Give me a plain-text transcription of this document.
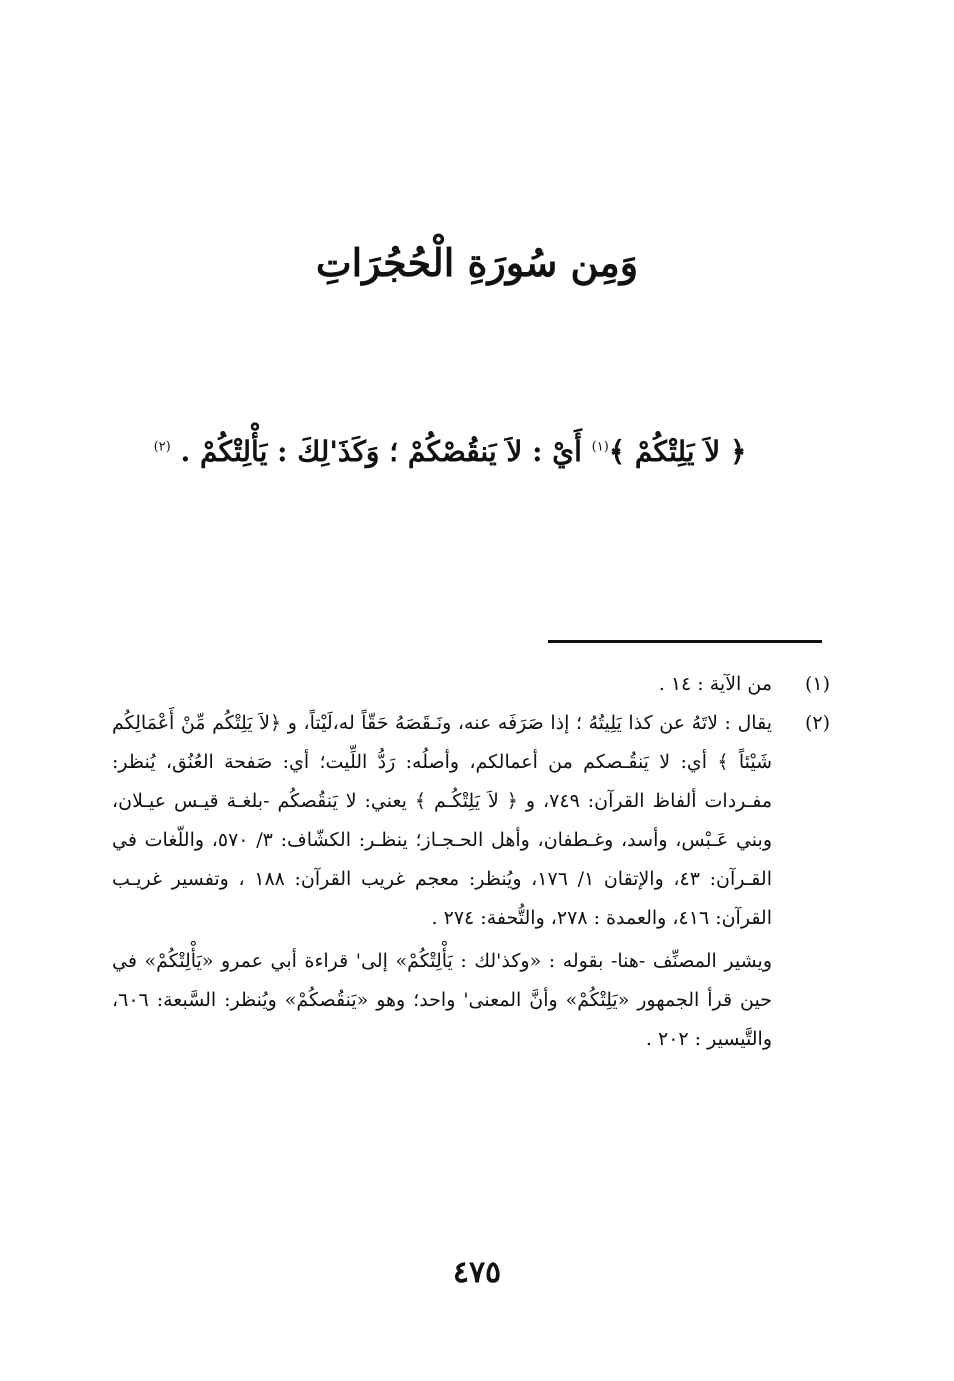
وَمِن سُورَةِ الْحُجُرَاتِ
﴿ لاَ يَلِتْكُمْ ﴾$^{(١)}$ أَيْ : لاَ يَنقُصْكُمْ ؛ وَكَذَ'لِكَ : يَأْلِتْكُمْ . $^{(٢)}$

(١)
من الآية : ١٤ .

(٢)
يقال : لاتَهُ عن كذا يَلِيتُهُ ؛ إذا صَرَفَه عنه، ونَـقَصَهُ حَقّاً له،لَيْتاً، و ﴿لاَ يَلِتْكُم مِّنْ أَعْمَالِكُم شَيْئاً ﴾ أي: لا يَنقُـصكم من أعمالكم، وأصلُه: رَدُّ اللِّيت؛ أي: صَفحة العُنُق، يُنظر: مفـردات ألفاظ القرآن: ٧٤٩، و ﴿ لاَ يَلِتْكُـم ﴾ يعني: لا يَنقُصكُم -بلغـة قيـس عيـلان، وبني عَـبْس، وأسد، وغـطفان، وأهل الحـجـاز؛ ينظـر: الكشّاف: ٣/ ٥٧٠، واللّغات في القـرآن: ٤٣، والإتقان ١/ ١٧٦، ويُنظر: معجم غريب القرآن: ١٨٨ ، وتفسير غريـب القرآن: ٤١٦، والعمدة : ٢٧٨، والتُّحفة: ٢٧٤ .

ويشير المصنِّف -هنا- بقوله : «وكذ'لك : يَأْلِتْكُمْ» إلى' قراءة أبي عمرو «يَأْلِتْكُمْ» في حين قرأ الجمهور «يَلِتْكُمْ» وأنَّ المعنى' واحد؛ وهو «يَنقُصكُمْ» ويُنظر: السَّبعة: ٦٠٦، والتَّيسير : ٢٠٢ .

٤٧٥
